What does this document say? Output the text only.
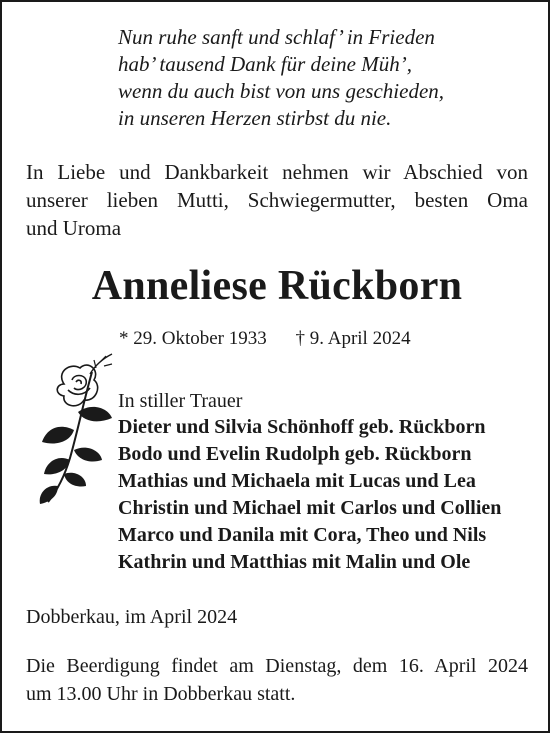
Nun ruhe sanft und schlaf’ in Frieden
hab’ tausend Dank für deine Müh’,
wenn du auch bist von uns geschieden,
in unseren Herzen stirbst du nie.
In Liebe und Dankbarkeit nehmen wir Abschied von
unserer lieben Mutti, Schwiegermutter, besten Oma
und Uroma
Anneliese Rückborn
* 29. Oktober 1933 † 9. April 2024
In stiller Trauer
Dieter und Silvia Schönhoff geb. Rückborn
Bodo und Evelin Rudolph geb. Rückborn
Mathias und Michaela mit Lucas und Lea
Christin und Michael mit Carlos und Collien
Marco und Danila mit Cora, Theo und Nils
Kathrin und Matthias mit Malin und Ole
Dobberkau, im April 2024
Die Beerdigung findet am Dienstag, dem 16. April 2024
um 13.00 Uhr in Dobberkau statt.
